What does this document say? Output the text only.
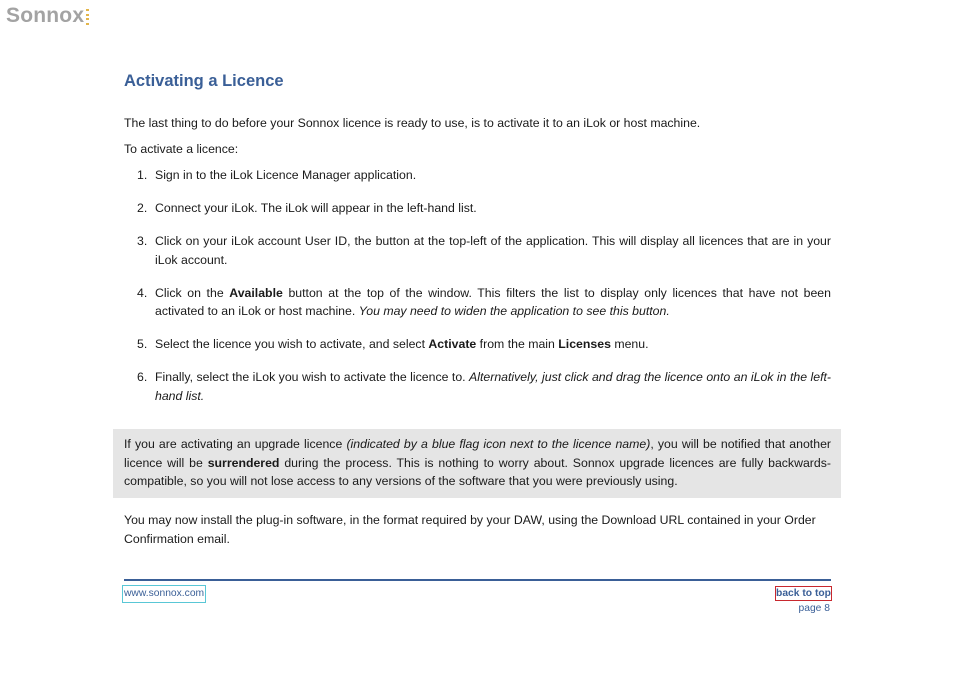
Sonnox
Activating a Licence

The last thing to do before your Sonnox licence is ready to use, is to activate it to an iLok or host machine.

To activate a licence:

1. Sign in to the iLok Licence Manager application.
2. Connect your iLok. The iLok will appear in the left-hand list.
3. Click on your iLok account User ID, the button at the top-left of the application. This will display all licences that are in your iLok account.
4. Click on the Available button at the top of the window. This filters the list to display only licences that have not been activated to an iLok or host machine. You may need to widen the application to see this button.
5. Select the licence you wish to activate, and select Activate from the main Licenses menu.
6. Finally, select the iLok you wish to activate the licence to. Alternatively, just click and drag the licence onto an iLok in the left-hand list.
If you are activating an upgrade licence (indicated by a blue flag icon next to the licence name), you will be notified that another licence will be surrendered during the process. This is nothing to worry about. Sonnox upgrade licences are fully backwards-compatible, so you will not lose access to any versions of the software that you were previously using.

You may now install the plug-in software, in the format required by your DAW, using the Download URL contained in your Order Confirmation email.

www.sonnox.com	back to top
page 8
